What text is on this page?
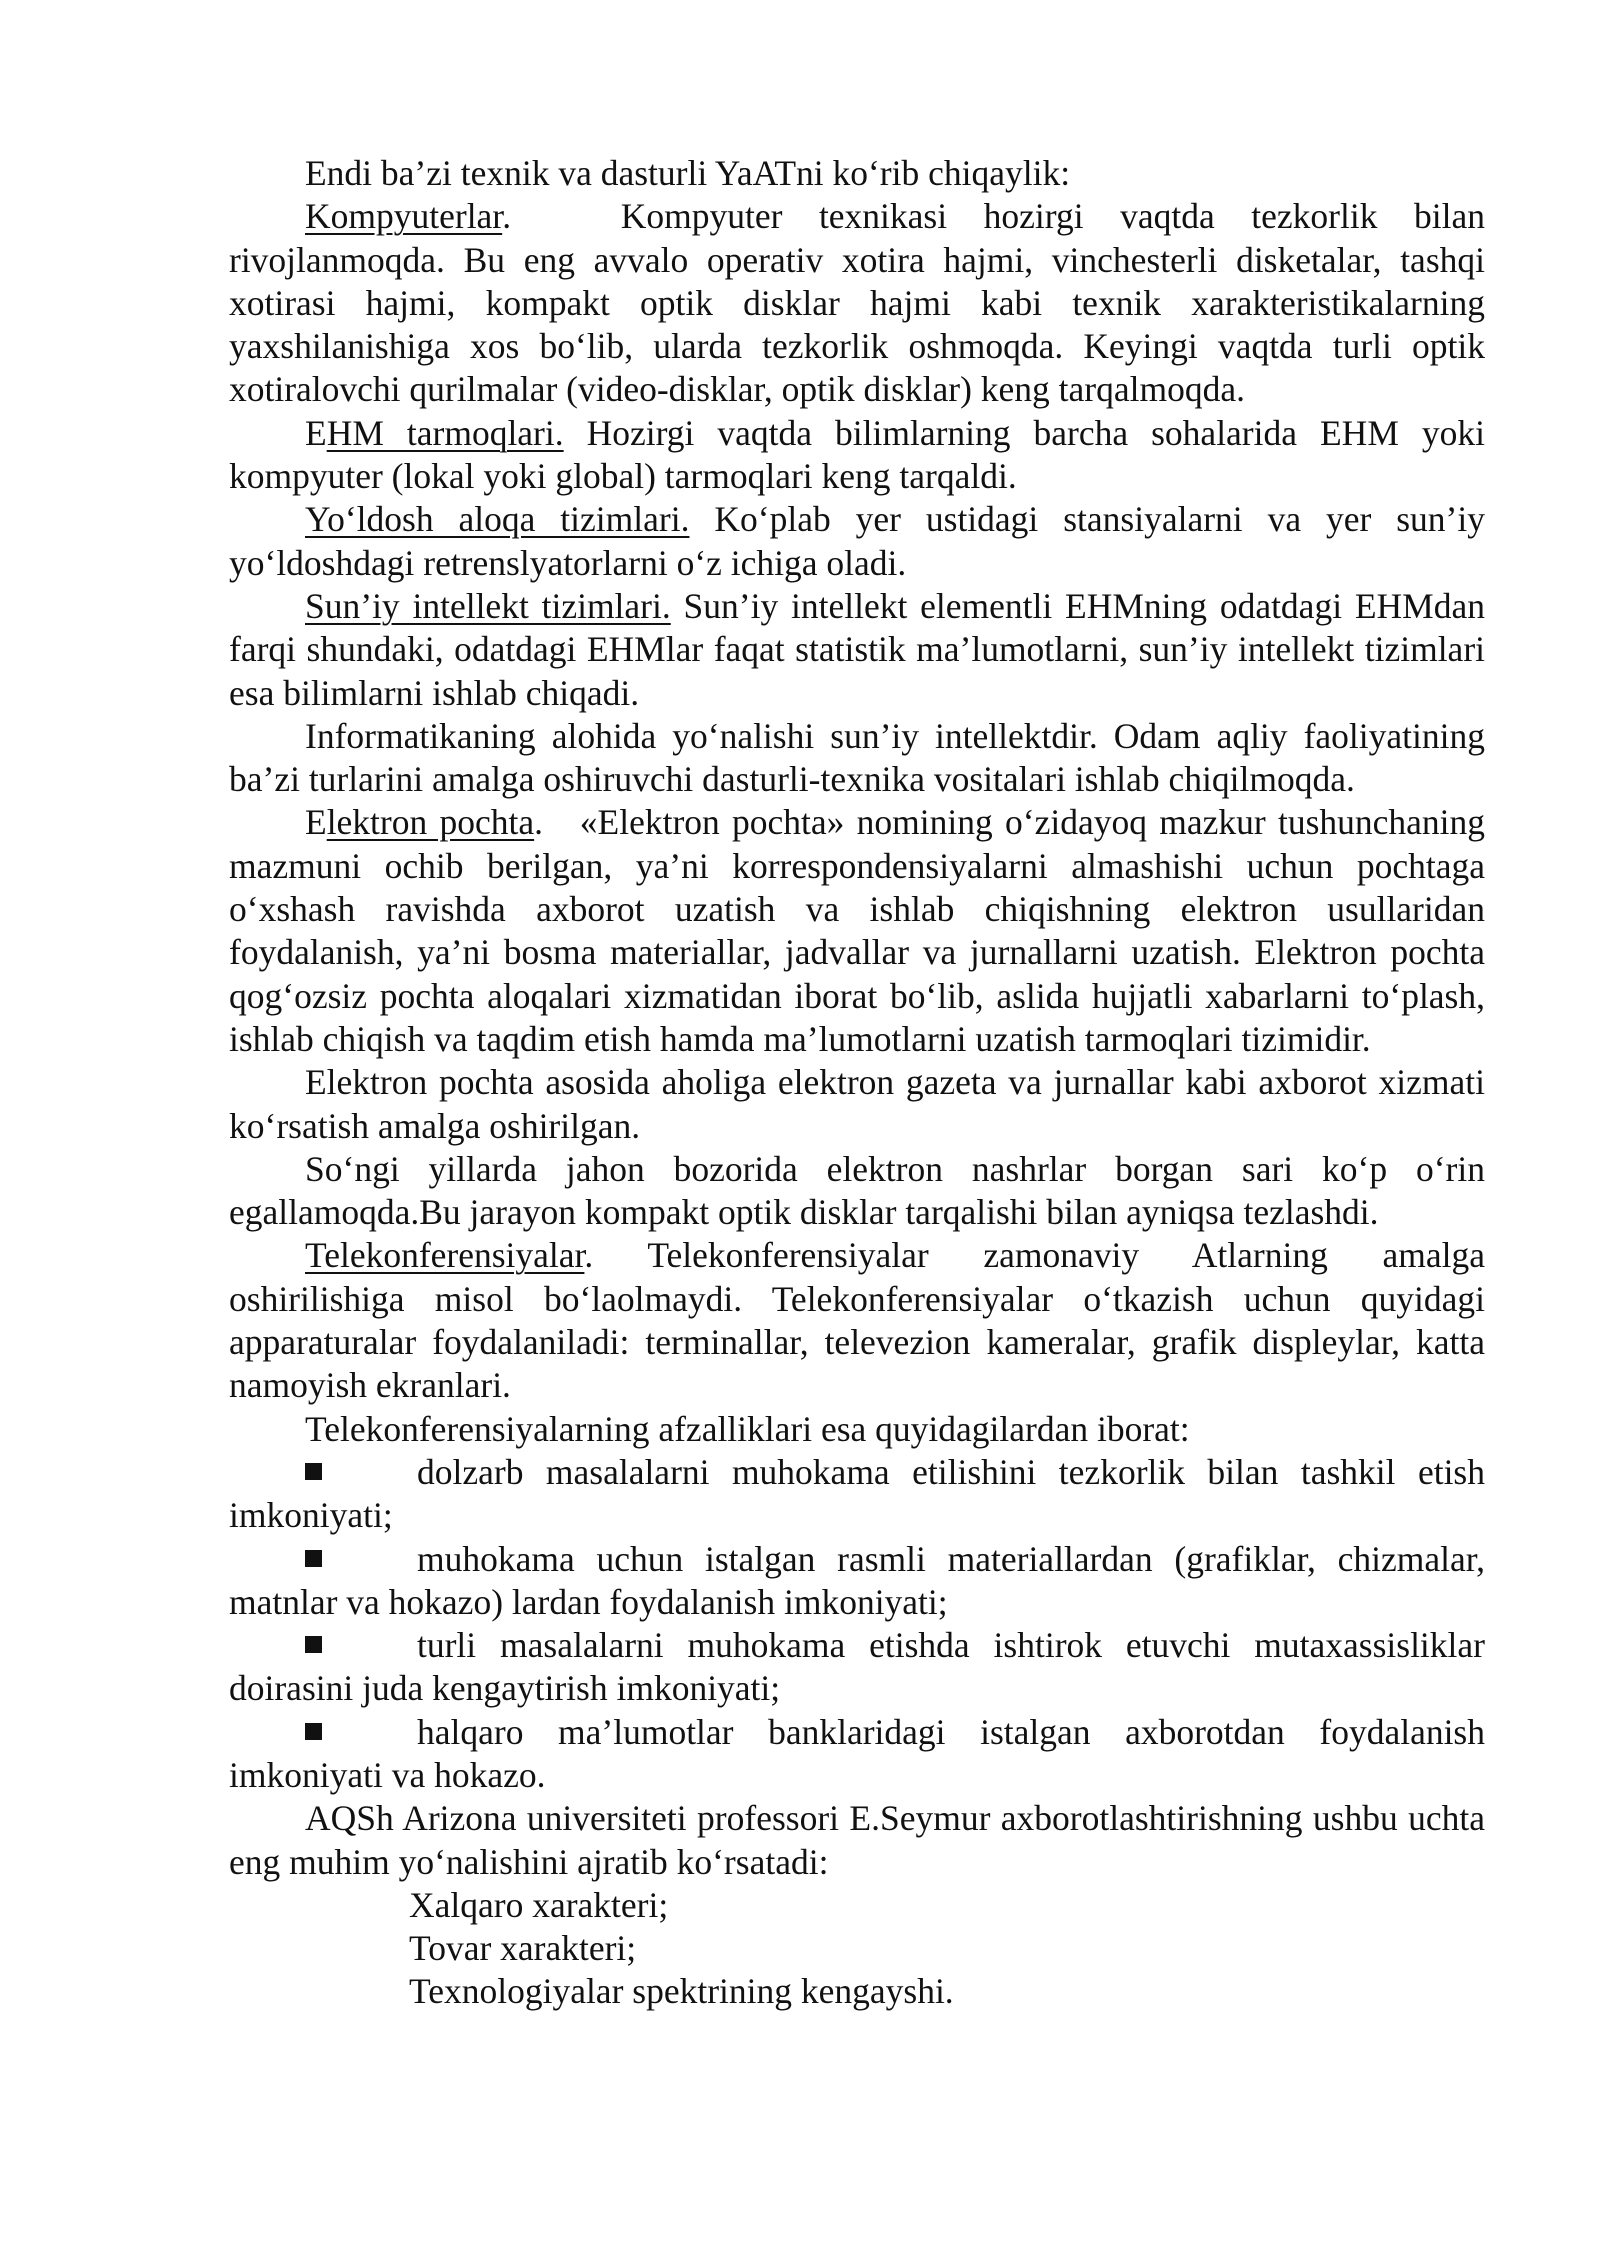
Endi ba’zi texnik va dasturli YaATni ko‘rib chiqaylik:

Kompyuterlar.   Kompyuter texnikasi hozirgi vaqtda tezkorlik bilan rivojlanmoqda. Bu eng avvalo operativ xotira hajmi, vinchesterli disketalar, tashqi xotirasi hajmi, kompakt optik disklar hajmi kabi texnik xarakteristikalarning yaxshilanishiga xos bo‘lib, ularda tezkorlik oshmoqda. Keyingi vaqtda turli optik xotiralovchi qurilmalar (video-disklar, optik disklar) keng tarqalmoqda.

EHM tarmoqlari. Hozirgi vaqtda bilimlarning barcha sohalarida EHM yoki kompyuter (lokal yoki global) tarmoqlari keng tarqaldi.

Yo‘ldosh aloqa tizimlari. Ko‘plab yer ustidagi stansiyalarni va yer sun’iy yo‘ldoshdagi retrenslyatorlarni o‘z ichiga oladi.

Sun’iy intellekt tizimlari. Sun’iy intellekt elementli EHMning odatdagi EHMdan farqi shundaki, odatdagi EHMlar faqat statistik ma’lumotlarni, sun’iy intellekt tizimlari esa bilimlarni ishlab chiqadi.

Informatikaning alohida yo‘nalishi sun’iy intellektdir. Odam aqliy faoliyatining ba’zi turlarini amalga oshiruvchi dasturli-texnika vositalari ishlab chiqilmoqda.

Elektron pochta.   «Elektron pochta» nomining o‘zidayoq mazkur tushunchaning mazmuni ochib berilgan, ya’ni korrespondensiyalarni almashishi uchun pochtaga o‘xshash ravishda axborot uzatish va ishlab chiqishning elektron usullaridan foydalanish, ya’ni bosma materiallar, jadvallar va jurnallarni uzatish. Elektron pochta qog‘ozsiz pochta aloqalari xizmatidan iborat bo‘lib, aslida hujjatli xabarlarni to‘plash, ishlab chiqish va taqdim etish hamda ma’lumotlarni uzatish tarmoqlari tizimidir.

Elektron pochta asosida aholiga elektron gazeta va jurnallar kabi axborot xizmati ko‘rsatish amalga oshirilgan.

So‘ngi yillarda jahon bozorida elektron nashrlar borgan sari ko‘p o‘rin egallamoqda.Bu jarayon kompakt optik disklar tarqalishi bilan ayniqsa tezlashdi.

Telekonferensiyalar. Telekonferensiyalar zamonaviy Atlarning amalga oshirilishiga misol bo‘laolmaydi. Telekonferensiyalar o‘tkazish uchun quyidagi apparaturalar foydalaniladi: terminallar, televezion kameralar, grafik displeylar, katta namoyish ekranlari.

Telekonferensiyalarning afzalliklari esa quyidagilardan iborat:

dolzarb masalalarni muhokama etilishini tezkorlik bilan tashkil etish imkoniyati;

muhokama uchun istalgan rasmli materiallardan (grafiklar, chizmalar, matnlar va hokazo) lardan foydalanish imkoniyati;

turli masalalarni muhokama etishda ishtirok etuvchi mutaxassisliklar doirasini juda kengaytirish imkoniyati;

halqaro ma’lumotlar banklaridagi istalgan axborotdan foydalanish imkoniyati va hokazo.

AQSh Arizona universiteti professori E.Seymur axborotlashtirishning ushbu uchta eng muhim yo‘nalishini ajratib ko‘rsatadi:

Xalqaro xarakteri;

Tovar xarakteri;

Texnologiyalar spektrining kengayshi.
